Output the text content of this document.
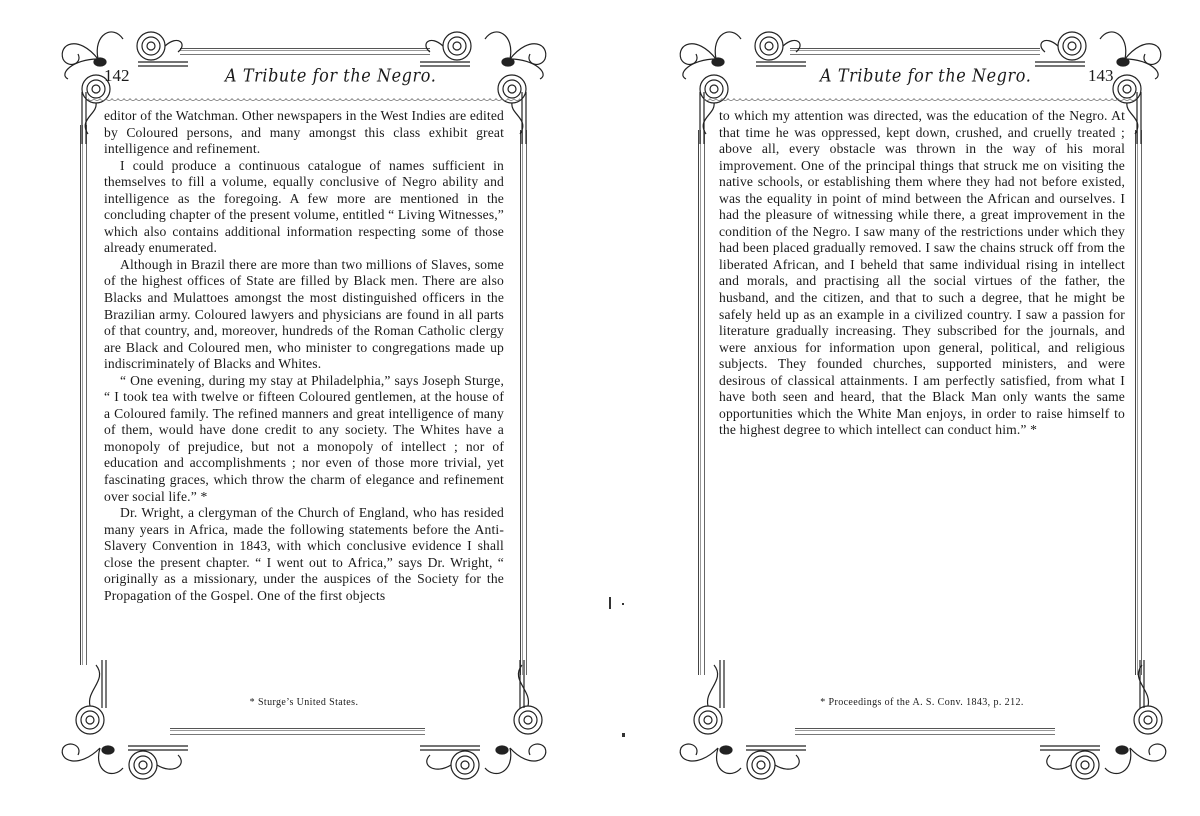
142	A Tribute for the Negro.

editor of the Watchman. Other newspapers in the West Indies are edited by Coloured persons, and many amongst this class exhibit great intelligence and refinement.

I could produce a continuous catalogue of names sufficient in themselves to fill a volume, equally conclusive of Negro ability and intelligence as the foregoing. A few more are mentioned in the concluding chapter of the present volume, entitled “ Living Witnesses,” which also contains additional information respecting some of those already enumerated.

Although in Brazil there are more than two millions of Slaves, some of the highest offices of State are filled by Black men. There are also Blacks and Mulattoes amongst the most distinguished officers in the Brazilian army. Coloured lawyers and physicians are found in all parts of that country, and, moreover, hundreds of the Roman Catholic clergy are Black and Coloured men, who minister to congregations made up indiscriminately of Blacks and Whites.

“ One evening, during my stay at Philadelphia,” says Joseph Sturge, “ I took tea with twelve or fifteen Coloured gentlemen, at the house of a Coloured family. The refined manners and great intelligence of many of them, would have done credit to any society. The Whites have a monopoly of prejudice, but not a monopoly of intellect ; nor of education and accomplishments ; nor even of those more trivial, yet fascinating graces, which throw the charm of elegance and refinement over social life.” *

Dr. Wright, a clergyman of the Church of England, who has resided many years in Africa, made the following statements before the Anti-Slavery Convention in 1843, with which conclusive evidence I shall close the present chapter. “ I went out to Africa,” says Dr. Wright, “ originally as a missionary, under the auspices of the Society for the Propagation of the Gospel. One of the first objects

* Sturge’s United States.
A Tribute for the Negro.	143

to which my attention was directed, was the education of the Negro. At that time he was oppressed, kept down, crushed, and cruelly treated ; above all, every obstacle was thrown in the way of his moral improvement. One of the principal things that struck me on visiting the native schools, or establishing them where they had not before existed, was the equality in point of mind between the African and ourselves. I had the pleasure of witnessing while there, a great improvement in the condition of the Negro. I saw many of the restrictions under which they had been placed gradually removed. I saw the chains struck off from the liberated African, and I beheld that same individual rising in intellect and morals, and practising all the social virtues of the father, the husband, and the citizen, and that to such a degree, that he might be safely held up as an example in a civilized country. I saw a passion for literature gradually increasing. They subscribed for the journals, and were anxious for information upon general, political, and religious subjects. They founded churches, supported ministers, and were desirous of classical attainments. I am perfectly satisfied, from what I have both seen and heard, that the Black Man only wants the same opportunities which the White Man enjoys, in order to raise himself to the highest degree to which intellect can conduct him.” *

* Proceedings of the A. S. Conv. 1843, p. 212.
